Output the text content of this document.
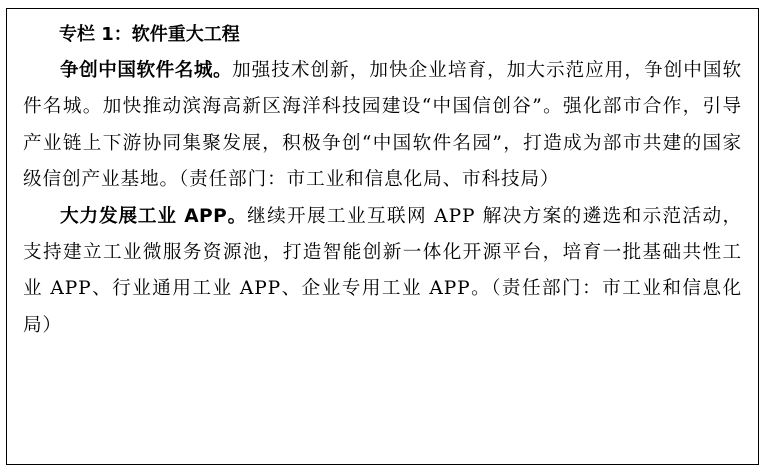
专栏 1：软件重大工程

争创中国软件名城。加强技术创新，加快企业培育，加大示范应用，争创中国软件名城。加快推动滨海高新区海洋科技园建设“中国信创谷”。强化部市合作，引导产业链上下游协同集聚发展，积极争创“中国软件名园”，打造成为部市共建的国家级信创产业基地。（责任部门：市工业和信息化局、市科技局）

大力发展工业 APP。继续开展工业互联网 APP 解决方案的遴选和示范活动，支持建立工业微服务资源池，打造智能创新一体化开源平台，培育一批基础共性工业 APP、行业通用工业 APP、企业专用工业 APP。（责任部门：市工业和信息化局）
